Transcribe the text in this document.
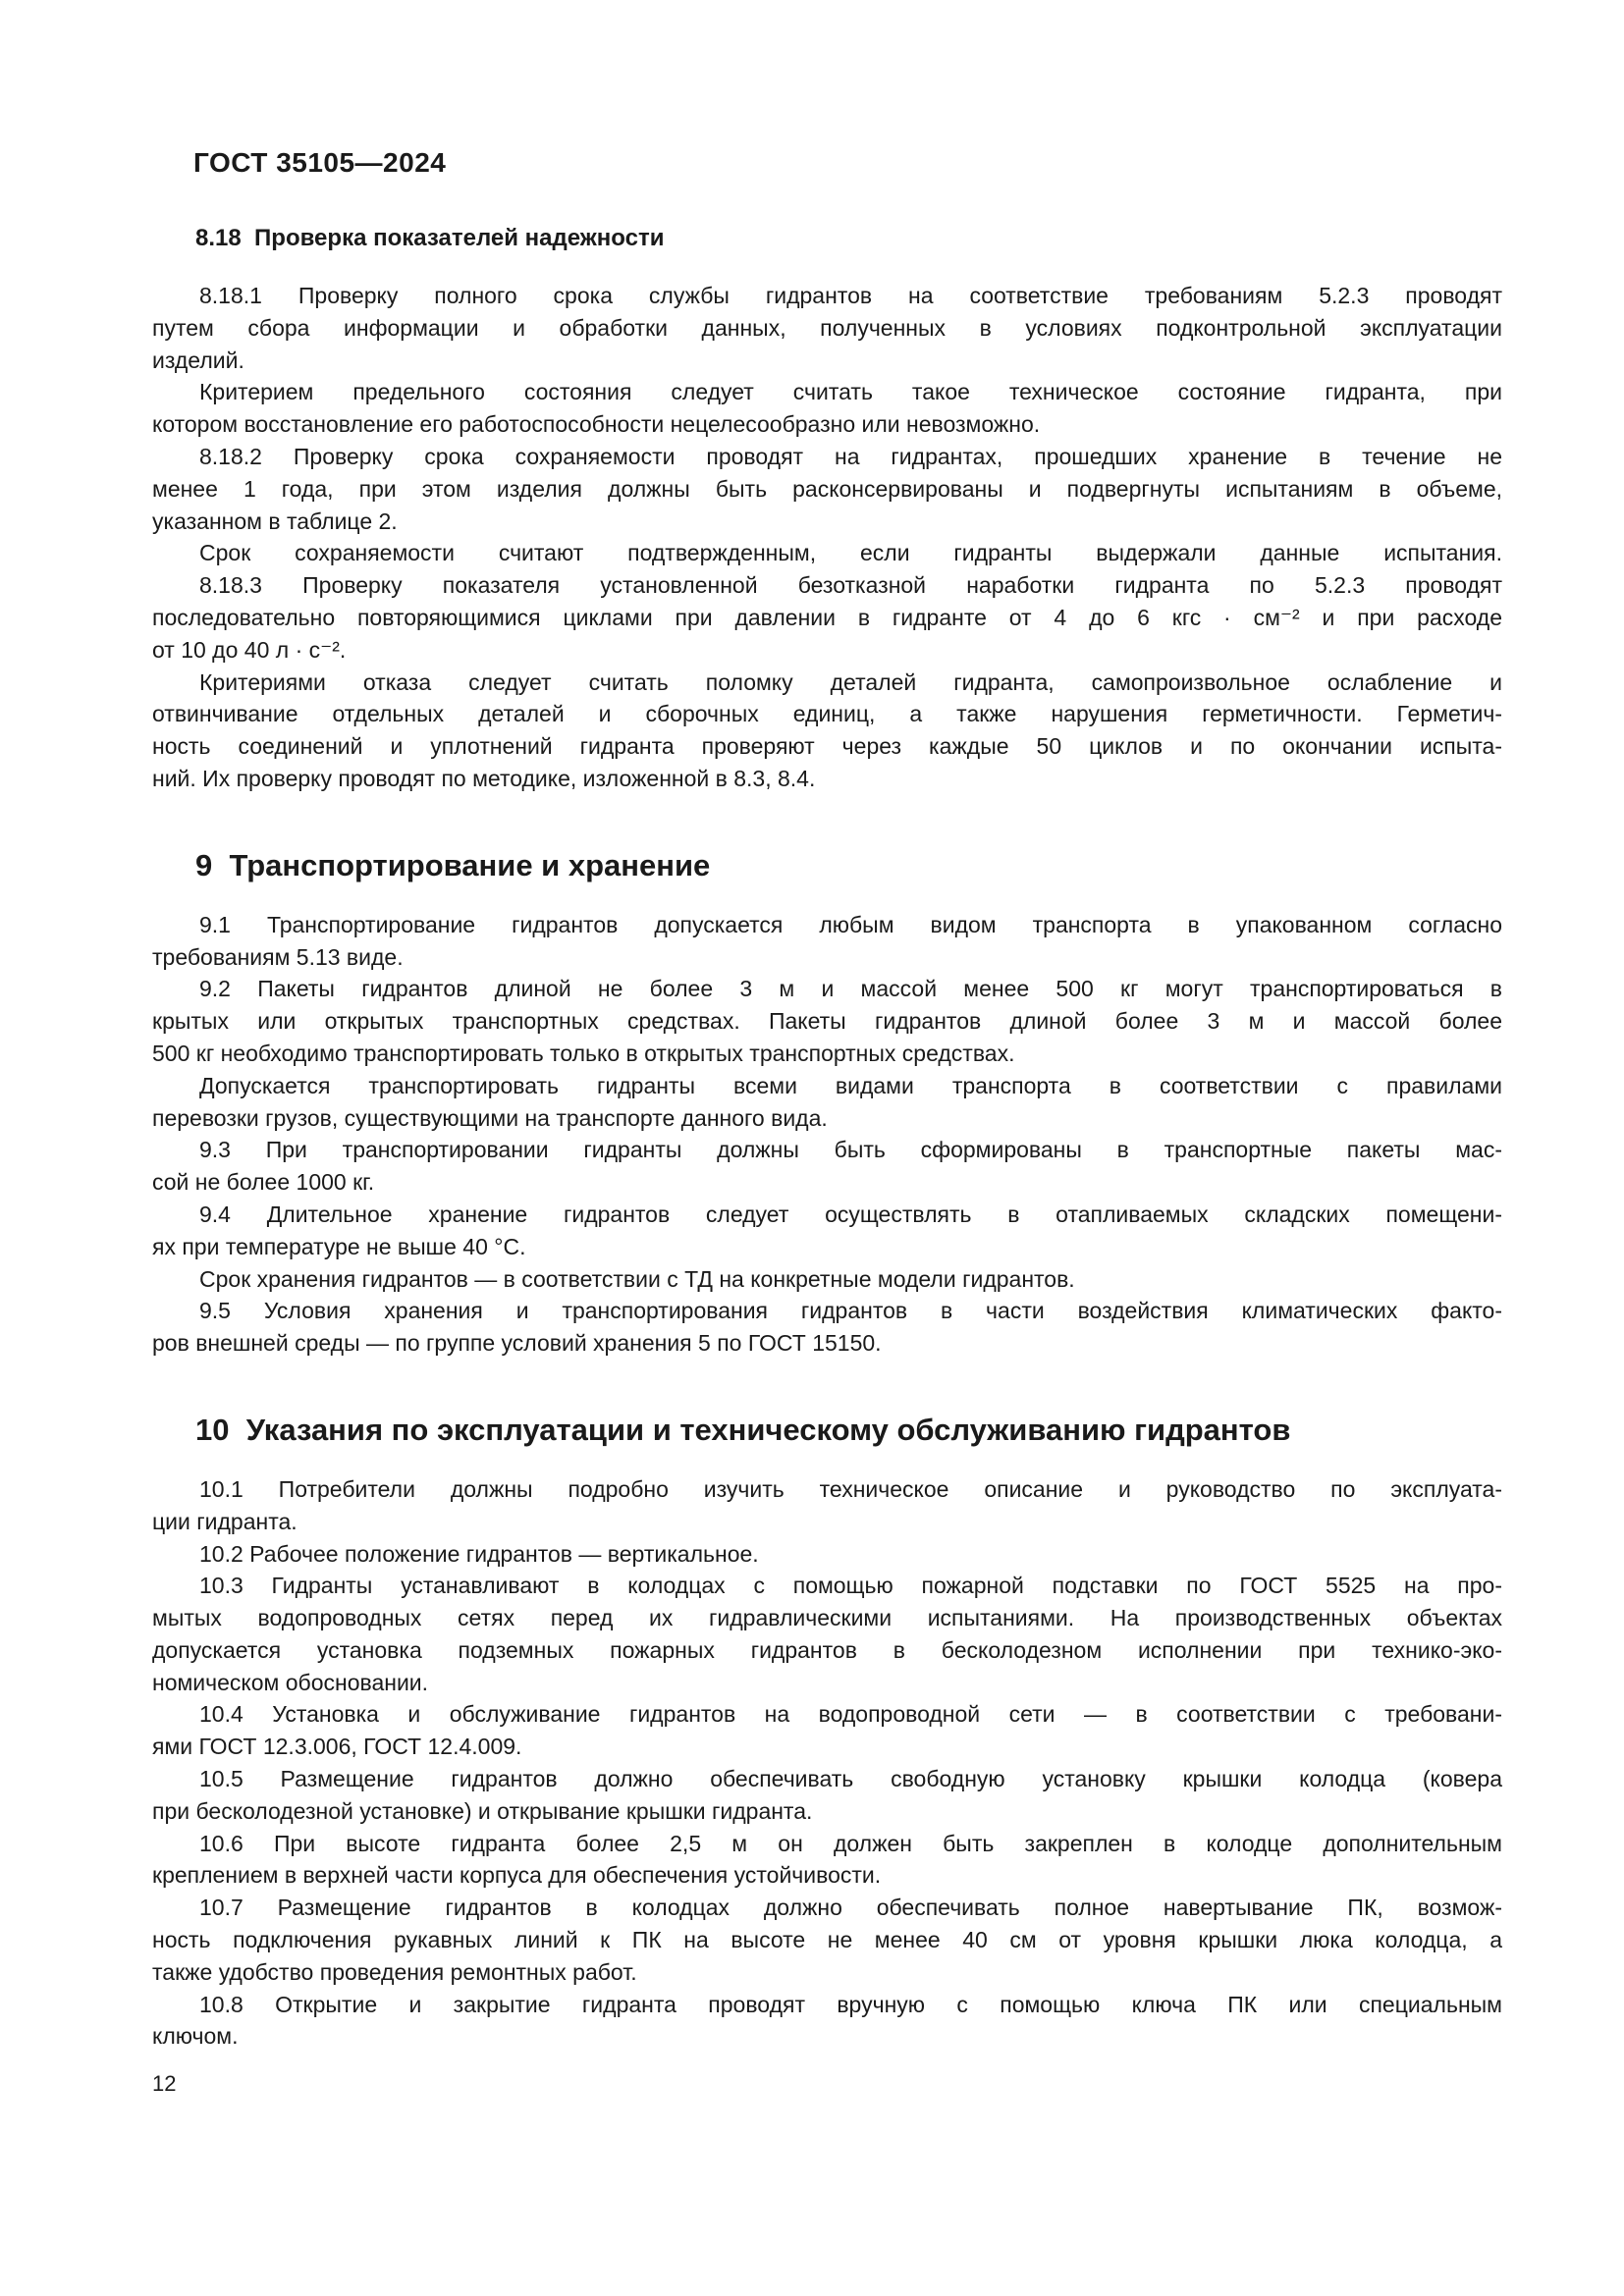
ГОСТ 35105—2024
8.18  Проверка показателей надежности
8.18.1 Проверку полного срока службы гидрантов на соответствие требованиям 5.2.3 проводят
путем сбора информации и обработки данных, полученных в условиях подконтрольной эксплуатации
изделий.
Критерием предельного состояния следует считать такое техническое состояние гидранта, при
котором восстановление его работоспособности нецелесообразно или невозможно.
8.18.2 Проверку срока сохраняемости проводят на гидрантах, прошедших хранение в течение не
менее 1 года, при этом изделия должны быть расконсервированы и подвергнуты испытаниям в объеме,
указанном в таблице 2.
Срок сохраняемости считают подтвержденным, если гидранты выдержали данные испытания.
8.18.3 Проверку показателя установленной безотказной наработки гидранта по 5.2.3 проводят
последовательно повторяющимися циклами при давлении в гидранте от 4 до 6 кгс · см⁻² и при расходе
от 10 до 40 л · с⁻².
Критериями отказа следует считать поломку деталей гидранта, самопроизвольное ослабление и
отвинчивание отдельных деталей и сборочных единиц, а также нарушения герметичности. Герметич-
ность соединений и уплотнений гидранта проверяют через каждые 50 циклов и по окончании испыта-
ний. Их проверку проводят по методике, изложенной в 8.3, 8.4.
9  Транспортирование и хранение
9.1 Транспортирование гидрантов допускается любым видом транспорта в упакованном согласно
требованиям 5.13 виде.
9.2 Пакеты гидрантов длиной не более 3 м и массой менее 500 кг могут транспортироваться в
крытых или открытых транспортных средствах. Пакеты гидрантов длиной более 3 м и массой более
500 кг необходимо транспортировать только в открытых транспортных средствах.
Допускается транспортировать гидранты всеми видами транспорта в соответствии с правилами
перевозки грузов, существующими на транспорте данного вида.
9.3 При транспортировании гидранты должны быть сформированы в транспортные пакеты мас-
сой не более 1000 кг.
9.4 Длительное хранение гидрантов следует осуществлять в отапливаемых складских помещени-
ях при температуре не выше 40 °С.
Срок хранения гидрантов — в соответствии с ТД на конкретные модели гидрантов.
9.5 Условия хранения и транспортирования гидрантов в части воздействия климатических факто-
ров внешней среды — по группе условий хранения 5 по ГОСТ 15150.
10  Указания по эксплуатации и техническому обслуживанию гидрантов
10.1 Потребители должны подробно изучить техническое описание и руководство по эксплуата-
ции гидранта.
10.2 Рабочее положение гидрантов — вертикальное.
10.3 Гидранты устанавливают в колодцах с помощью пожарной подставки по ГОСТ 5525 на про-
мытых водопроводных сетях перед их гидравлическими испытаниями. На производственных объектах
допускается установка подземных пожарных гидрантов в бесколодезном исполнении при технико-эко-
номическом обосновании.
10.4 Установка и обслуживание гидрантов на водопроводной сети — в соответствии с требовани-
ями ГОСТ 12.3.006, ГОСТ 12.4.009.
10.5 Размещение гидрантов должно обеспечивать свободную установку крышки колодца (ковера
при бесколодезной установке) и открывание крышки гидранта.
10.6 При высоте гидранта более 2,5 м он должен быть закреплен в колодце дополнительным
креплением в верхней части корпуса для обеспечения устойчивости.
10.7 Размещение гидрантов в колодцах должно обеспечивать полное навертывание ПК, возмож-
ность подключения рукавных линий к ПК на высоте не менее 40 см от уровня крышки люка колодца, а
также удобство проведения ремонтных работ.
10.8 Открытие и закрытие гидранта проводят вручную с помощью ключа ПК или специальным
ключом.
12
